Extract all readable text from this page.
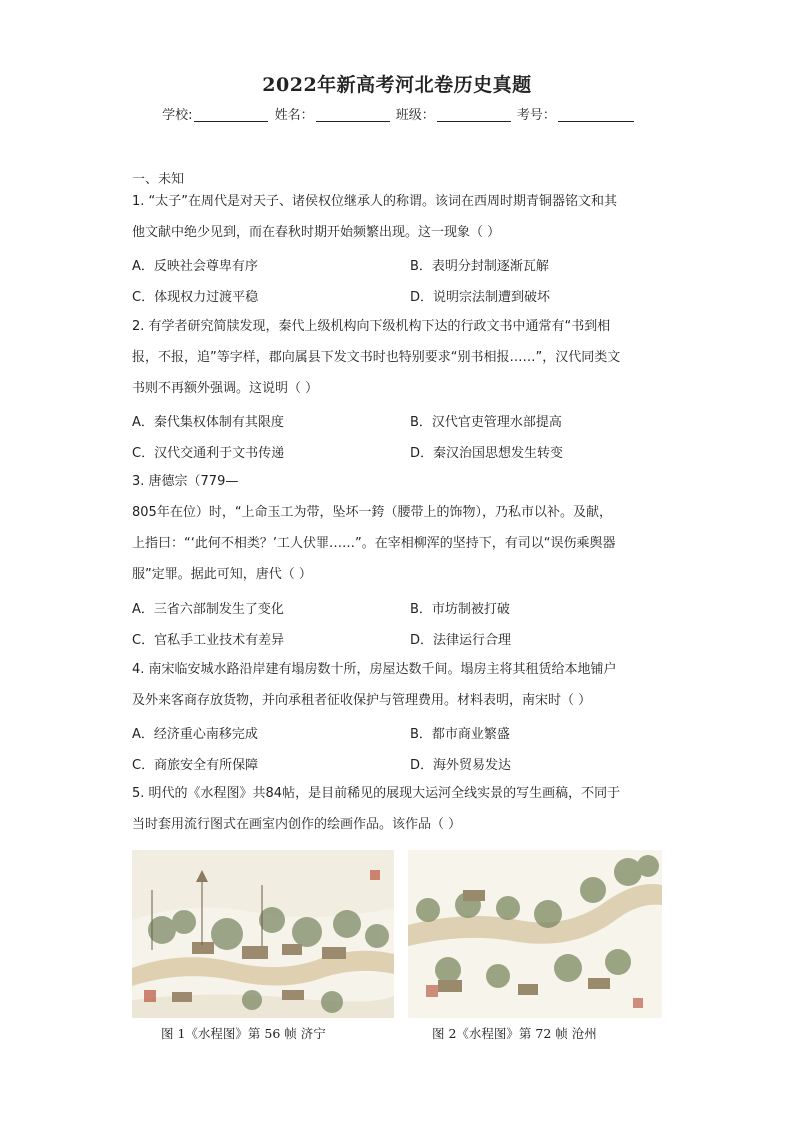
2022年新高考河北卷历史真题
学校:	姓名：	班级：	考号：
一、未知
1. “太子”在周代是对天子、诸侯权位继承人的称谓。该词在西周时期青铜器铭文和其
他文献中绝少见到，而在春秋时期开始频繁出现。这一现象（ ）
A．反映社会尊卑有序	B．表明分封制逐渐瓦解
C．体现权力过渡平稳	D．说明宗法制遭到破坏
2. 有学者研究简牍发现，秦代上级机构向下级机构下达的行政文书中通常有“书到相
报，不报，追”等字样，郡向属县下发文书时也特别要求“别书相报……”，汉代同类文
书则不再额外强调。这说明（ ）
A．秦代集权体制有其限度	B．汉代官吏管理水部提高
C．汉代交通利于文书传递	D．秦汉治国思想发生转变
3. 唐德宗（779—
805年在位）时，“上命玉工为带，坠坏一銙（腰带上的饰物），乃私市以补。及献，
上指曰：“‘此何不相类？’工人伏罪……”。在宰相柳浑的坚持下，有司以“误伤乘舆器
服”定罪。据此可知，唐代（ ）
A．三省六部制发生了变化	B．市坊制被打破
C．官私手工业技术有差异	D．法律运行合理
4. 南宋临安城水路沿岸建有塌房数十所，房屋达数千间。塌房主将其租赁给本地铺户
及外来客商存放货物，并向承租者征收保护与管理费用。材料表明，南宋时（ ）
A．经济重心南移完成	B．都市商业繁盛
C．商旅安全有所保障	D．海外贸易发达
5. 明代的《水程图》共84帖，是目前稀见的展现大运河全线实景的写生画稿，不同于
当时套用流行图式在画室内创作的绘画作品。该作品（ ）
图 1《水程图》第 56 帧 济宁	图 2《水程图》第 72 帧 沧州
